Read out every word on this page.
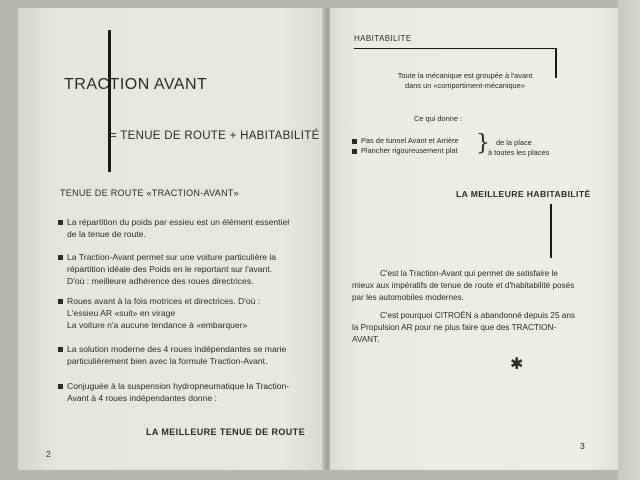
TRACTION AVANT
= TENUE DE ROUTE + HABITABILITÉ
TENUE DE ROUTE «TRACTION-AVANT»
La répartition du poids par essieu est un élément essentiel
de la tenue de route.
La Traction-Avant permet sur une voiture particulière la
répartition idéale des Poids en le reportant sur l'avant.
D'où : meilleure adhérence des roues directrices.
Roues avant à la fois motrices et directrices. D'où :
L'essieu AR «suit» en virage
La voiture n'a aucune tendance à «embarquer»
La solution moderne des 4 roues indépendantes se marie
particulièrement bien avec la formule Traction-Avant.
Conjuguée à la suspension hydropneumatique la Traction-
Avant à 4 roues indépendantes donne :
LA MEILLEURE TENUE DE ROUTE
2
HABITABILITE
Toute la mécanique est groupée à l'avant
dans un «comportiment-mécanique»
Ce qui donne :
Pas de tunnel Avant et Arrière
Plancher rigoureusement plat } de la place
à toutes les places
LA MEILLEURE HABITABILITÉ
C'est la Traction-Avant qui permet de satisfaire le
mieux aux impératifs de tenue de route et d'habitabilité posés
par les automobiles modernes.
C'est pourquoi CITROËN a abandonné depuis 25 ans
la Propulsion AR pour ne plus faire que des TRACTION-
AVANT.
✱
3
